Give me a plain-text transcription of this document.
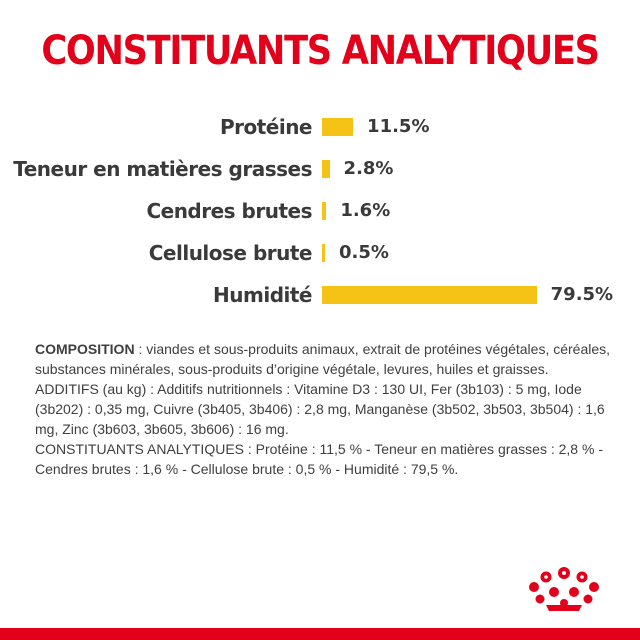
CONSTITUANTS ANALYTIQUES
Protéine	11.5%
Teneur en matières grasses 2.8%
Cendres brutes 1.6%
Cellulose brute 0.5%
Humidité	79.5%
COMPOSITION : viandes et sous-produits animaux, extrait de protéines végétales, céréales, substances minérales, sous-produits d’origine végétale, levures, huiles et graisses.
ADDITIFS (au kg) : Additifs nutritionnels : Vitamine D3 : 130 UI, Fer (3b103) : 5 mg, Iode (3b202) : 0,35 mg, Cuivre (3b405, 3b406) : 2,8 mg, Manganèse (3b502, 3b503, 3b504) : 1,6 mg, Zinc (3b603, 3b605, 3b606) : 16 mg.
CONSTITUANTS ANALYTIQUES : Protéine : 11,5 % - Teneur en matières grasses : 2,8 % - Cendres brutes : 1,6 % - Cellulose brute : 0,5 % - Humidité : 79,5 %.
